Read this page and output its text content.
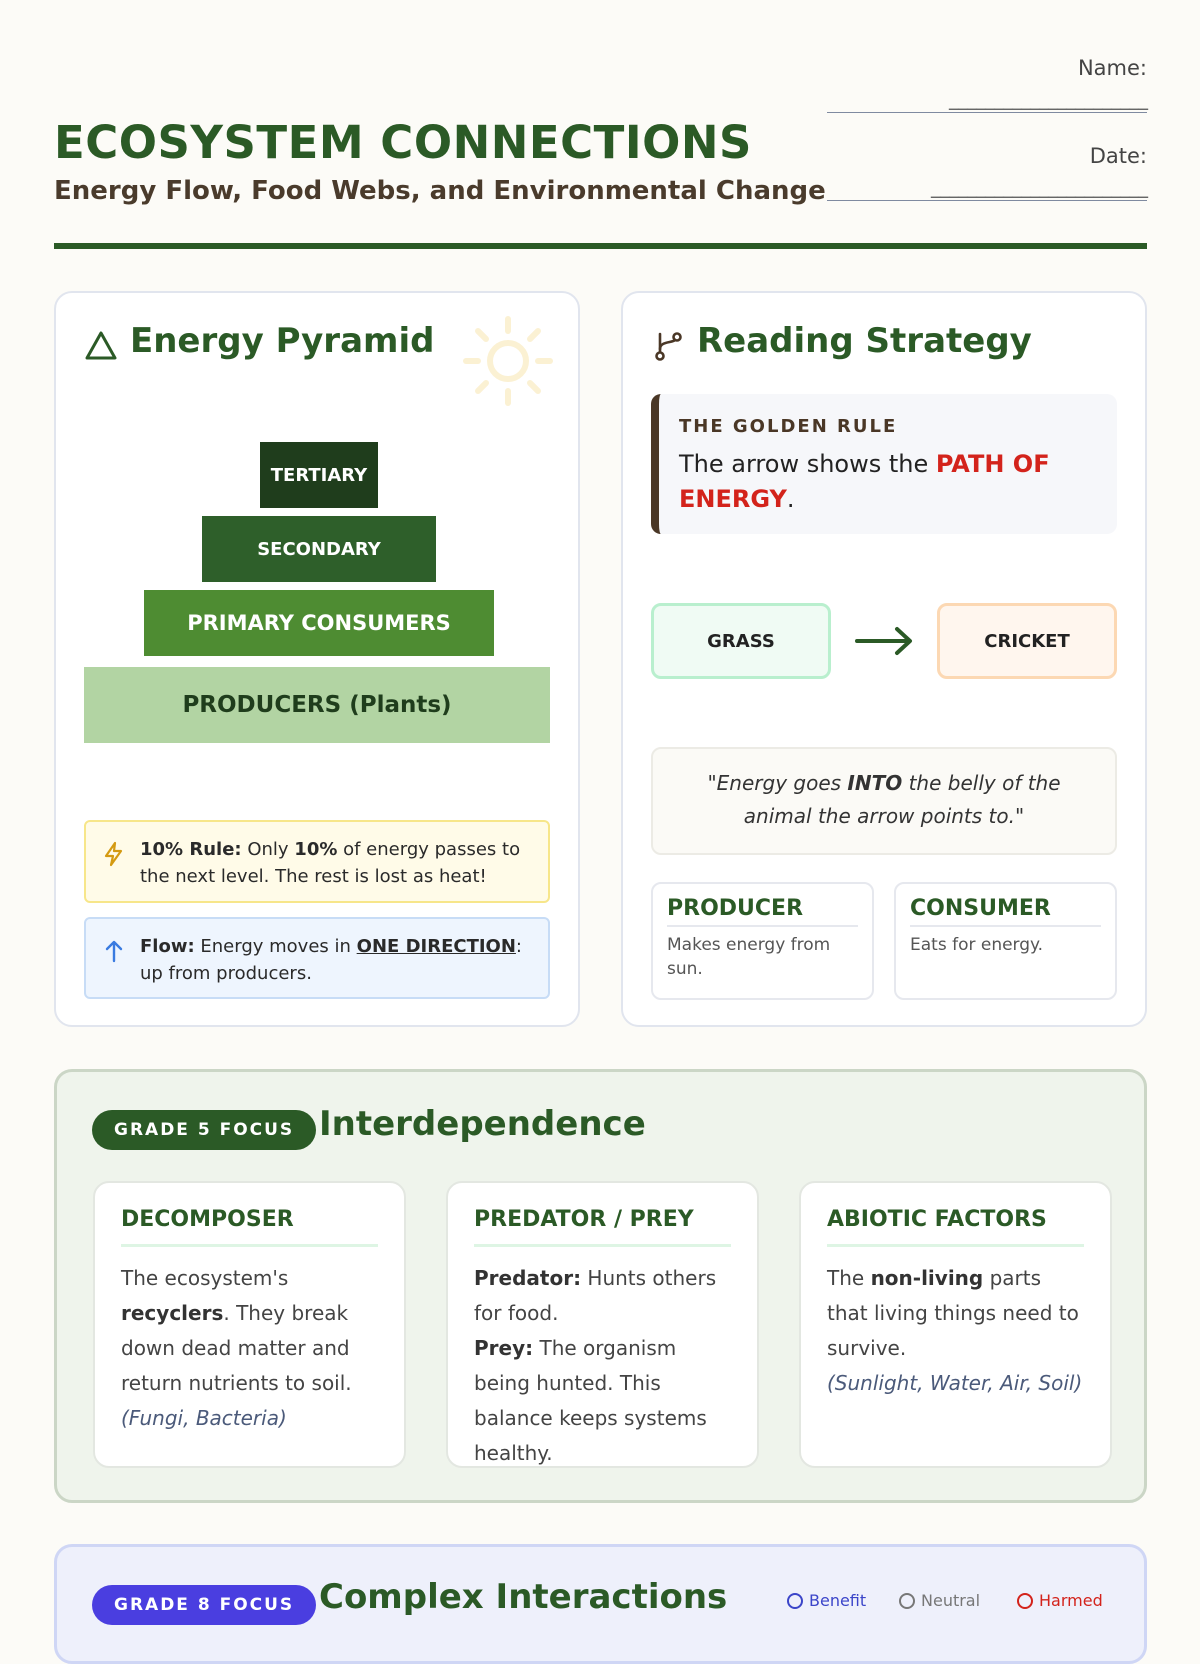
ECOSYSTEM CONNECTIONS
Energy Flow, Food Webs, and Environmental Change
Name:
______________________
Date:
________________________
Energy Pyramid
TERTIARY
SECONDARY
PRIMARY CONSUMERS
PRODUCERS (Plants)
10% Rule: Only 10% of energy passes to the next level. The rest is lost as heat!
Flow: Energy moves in ONE DIRECTION: up from producers.
Reading Strategy
THE GOLDEN RULE
The arrow shows the PATH OF ENERGY.
GRASS	CRICKET
"Energy goes INTO the belly of the animal the arrow points to."
PRODUCER
Makes energy from sun.
CONSUMER
Eats for energy.
GRADE 5 FOCUS Interdependence
DECOMPOSER
The ecosystem's recyclers. They break down dead matter and return nutrients to soil.
(Fungi, Bacteria)
PREDATOR / PREY
Predator: Hunts others for food.
Prey: The organism being hunted. This balance keeps systems healthy.
ABIOTIC FACTORS
The non-living parts that living things need to survive.
(Sunlight, Water, Air, Soil)
GRADE 8 FOCUS Complex Interactions	Benefit	Neutral	Harmed
